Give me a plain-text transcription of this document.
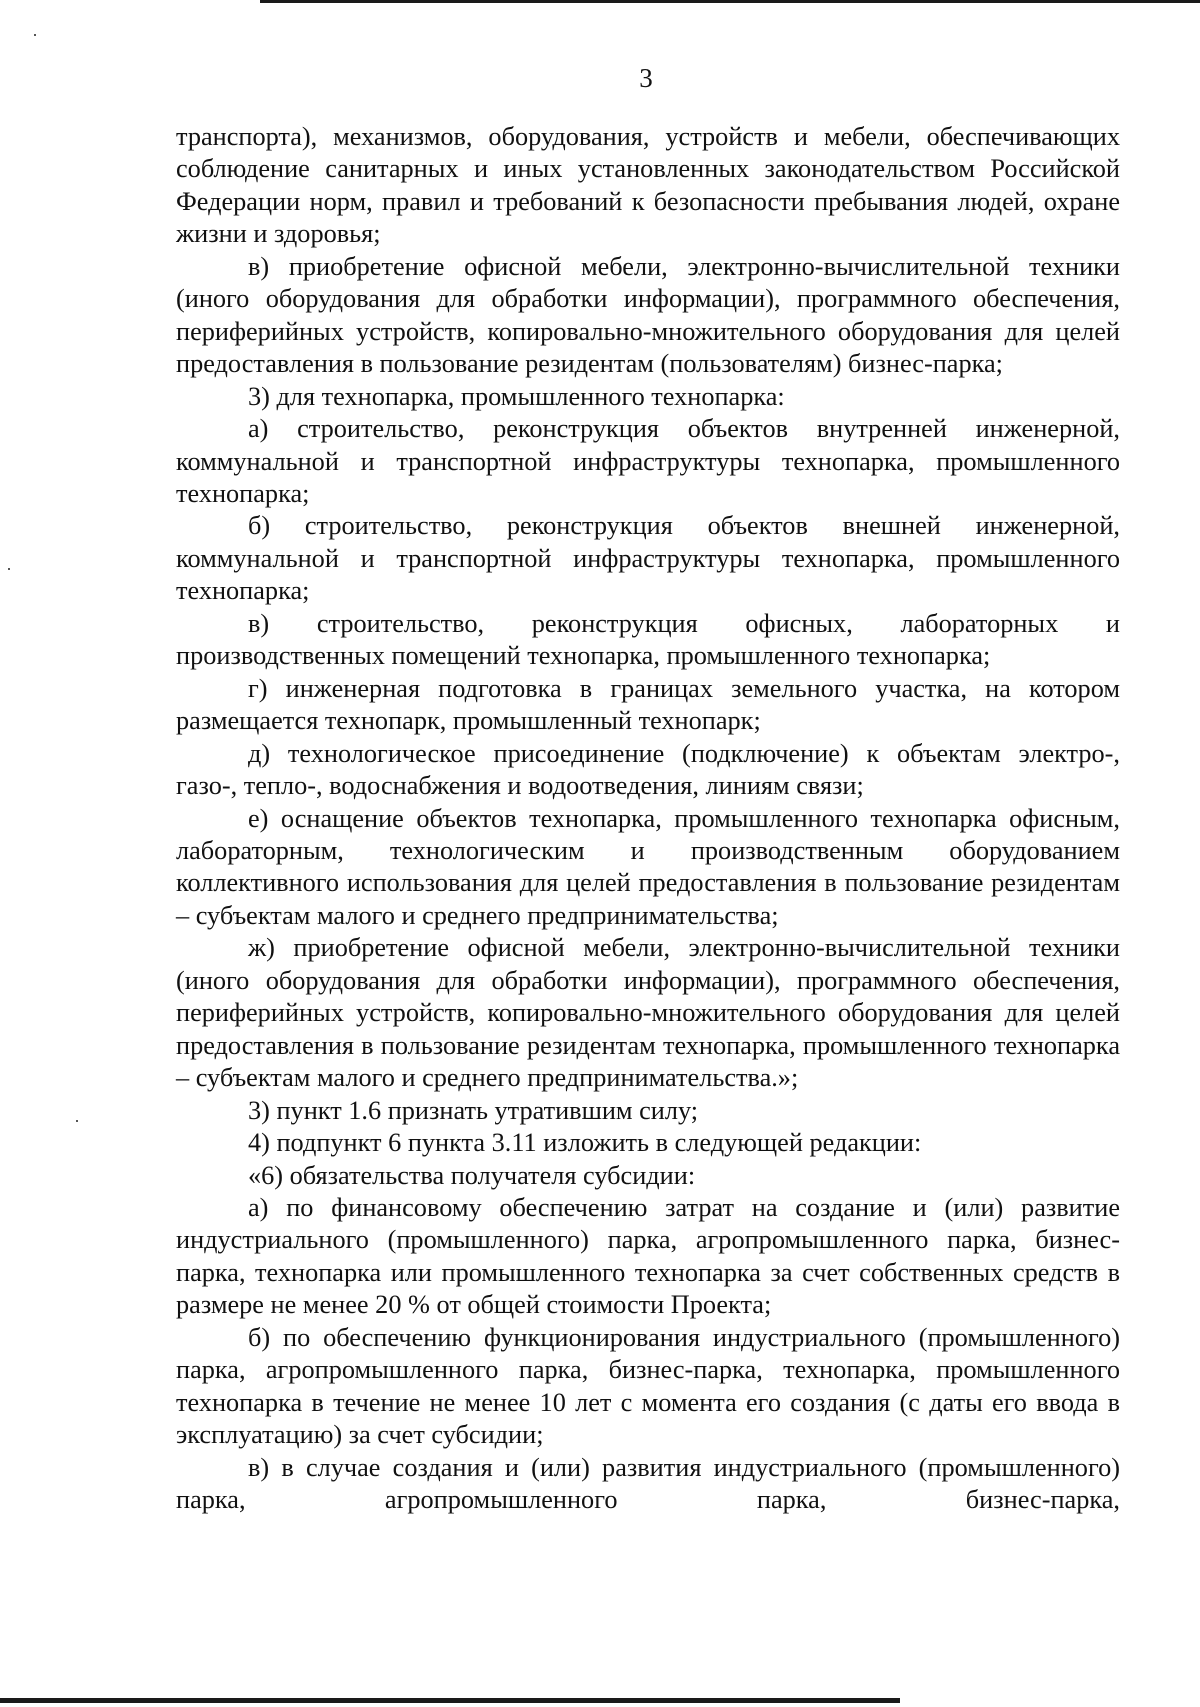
3

транспорта), механизмов, оборудования, устройств и мебели, обеспечивающих соблюдение санитарных и иных установленных законодательством Российской Федерации норм, правил и требований к безопасности пребывания людей, охране жизни и здоровья;

в) приобретение офисной мебели, электронно-вычислительной техники (иного оборудования для обработки информации), программного обеспечения, периферийных устройств, копировально-множительного оборудования для целей предоставления в пользование резидентам (пользователям) бизнес-парка;

3) для технопарка, промышленного технопарка:

а) строительство, реконструкция объектов внутренней инженерной, коммунальной и транспортной инфраструктуры технопарка, промышленного технопарка;

б) строительство, реконструкция объектов внешней инженерной, коммунальной и транспортной инфраструктуры технопарка, промышленного технопарка;

в) строительство, реконструкция офисных, лабораторных и производственных помещений технопарка, промышленного технопарка;

г) инженерная подготовка в границах земельного участка, на котором размещается технопарк, промышленный технопарк;

д) технологическое присоединение (подключение) к объектам электро-, газо-, тепло-, водоснабжения и водоотведения, линиям связи;

е) оснащение объектов технопарка, промышленного технопарка офисным, лабораторным, технологическим и производственным оборудованием коллективного использования для целей предоставления в пользование резидентам – субъектам малого и среднего предпринимательства;

ж) приобретение офисной мебели, электронно-вычислительной техники (иного оборудования для обработки информации), программного обеспечения, периферийных устройств, копировально-множительного оборудования для целей предоставления в пользование резидентам технопарка, промышленного технопарка – субъектам малого и среднего предпринимательства.»;

3) пункт 1.6 признать утратившим силу;

4) подпункт 6 пункта 3.11 изложить в следующей редакции:

«6) обязательства получателя субсидии:

а) по финансовому обеспечению затрат на создание и (или) развитие индустриального (промышленного) парка, агропромышленного парка, бизнес-парка, технопарка или промышленного технопарка за счет собственных средств в размере не менее 20 % от общей стоимости Проекта;

б) по обеспечению функционирования индустриального (промышленного) парка, агропромышленного парка, бизнес-парка, технопарка, промышленного технопарка в течение не менее 10 лет с момента его создания (с даты его ввода в эксплуатацию) за счет субсидии;

в) в случае создания и (или) развития индустриального (промышленного) парка, агропромышленного парка, бизнес-парка,
